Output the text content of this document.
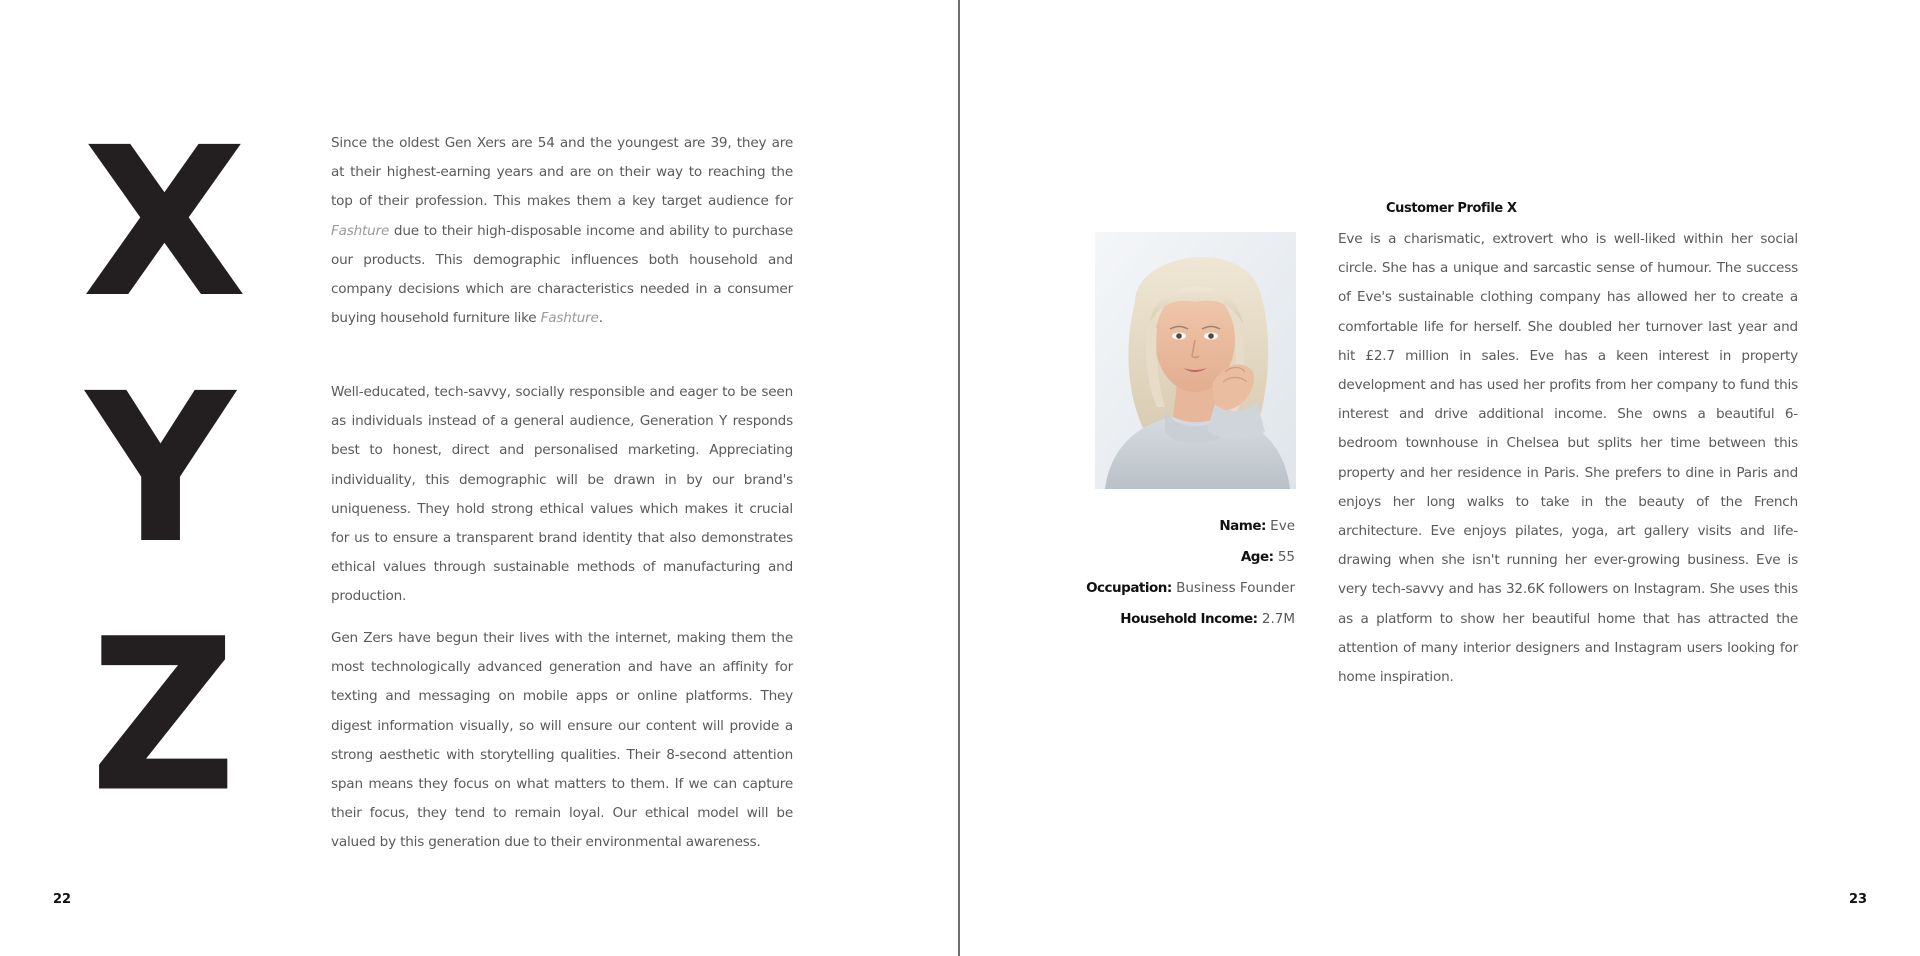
X	Since the oldest Gen Xers are 54 and the youngest are 39, they are at their highest-earning years and are on their way to reaching the top of their profession. This makes them a key target audience for Fashture due to their high-disposable income and ability to purchase our products. This demographic influences both household and company decisions which are characteristics needed in a consumer buying household furniture like Fashture.

Y	Well-educated, tech-savvy, socially responsible and eager to be seen as individuals instead of a general audience, Generation Y responds best to honest, direct and personalised marketing. Appreciating individuality, this demographic will be drawn in by our brand's uniqueness. They hold strong ethical values which makes it crucial for us to ensure a transparent brand identity that also demonstrates ethical values through sustainable methods of manufacturing and production.

Z	Gen Zers have begun their lives with the internet, making them the most technologically advanced generation and have an affinity for texting and messaging on mobile apps or online platforms. They digest information visually, so will ensure our content will provide a strong aesthetic with storytelling qualities. Their 8-second attention span means they focus on what matters to them. If we can capture their focus, they tend to remain loyal. Our ethical model will be valued by this generation due to their environmental awareness.

22
Customer Profile X
Name: Eve
Age: 55
Occupation: Business Founder
Household Income: 2.7M

Eve is a charismatic, extrovert who is well-liked within her social circle. She has a unique and sarcastic sense of humour. The success of Eve's sustainable clothing company has allowed her to create a comfortable life for herself. She doubled her turnover last year and hit £2.7 million in sales. Eve has a keen interest in property development and has used her profits from her company to fund this interest and drive additional income. She owns a beautiful 6-bedroom townhouse in Chelsea but splits her time between this property and her residence in Paris. She prefers to dine in Paris and enjoys her long walks to take in the beauty of the French architecture. Eve enjoys pilates, yoga, art gallery visits and life-drawing when she isn't running her ever-growing business. Eve is very tech-savvy and has 32.6K followers on Instagram. She uses this as a platform to show her beautiful home that has attracted the attention of many interior designers and Instagram users looking for home inspiration.

23
